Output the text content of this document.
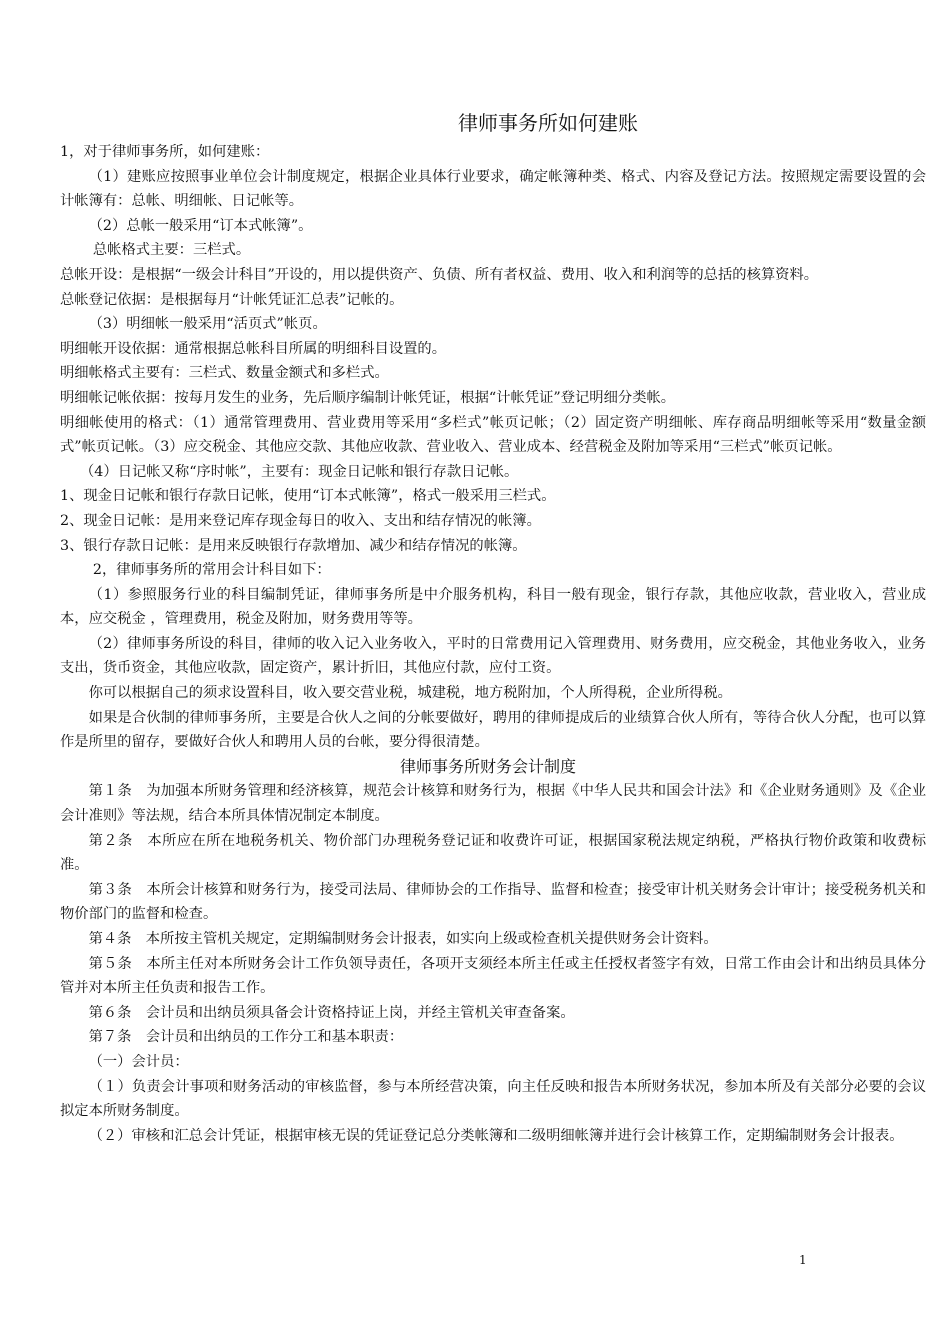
律师事务所如何建账

1，对于律师事务所，如何建账：

（1）建账应按照事业单位会计制度规定，根据企业具体行业要求，确定帐簿种类、格式、内容及登记方法。按照规定需要设置的会计帐簿有：总帐、明细帐、日记帐等。

（2）总帐一般采用“订本式帐簿”。

总帐格式主要：三栏式。

总帐开设：是根据“一级会计科目”开设的，用以提供资产、负债、所有者权益、费用、收入和利润等的总括的核算资料。

总帐登记依据：是根据每月“计帐凭证汇总表”记帐的。

（3）明细帐一般采用“活页式”帐页。

明细帐开设依据：通常根据总帐科目所属的明细科目设置的。

明细帐格式主要有：三栏式、数量金额式和多栏式。

明细帐记帐依据：按每月发生的业务，先后顺序编制计帐凭证，根据“计帐凭证”登记明细分类帐。

明细帐使用的格式：（1）通常管理费用、营业费用等采用“多栏式”帐页记帐；（2）固定资产明细帐、库存商品明细帐等采用“数量金额式”帐页记帐。（3）应交税金、其他应交款、其他应收款、营业收入、营业成本、经营税金及附加等采用“三栏式”帐页记帐。

（4）日记帐又称“序时帐”，主要有：现金日记帐和银行存款日记帐。

1、现金日记帐和银行存款日记帐，使用“订本式帐簿”，格式一般采用三栏式。

2、现金日记帐：是用来登记库存现金每日的收入、支出和结存情况的帐簿。

3、银行存款日记帐：是用来反映银行存款增加、减少和结存情况的帐簿。

2，律师事务所的常用会计科目如下：

（1）参照服务行业的科目编制凭证，律师事务所是中介服务机构，科目一般有现金，银行存款，其他应收款，营业收入，营业成本，应交税金 ，管理费用，税金及附加，财务费用等等。

（2）律师事务所设的科目，律师的收入记入业务收入，平时的日常费用记入管理费用、财务费用，应交税金，其他业务收入，业务支出，货币资金，其他应收款，固定资产，累计折旧，其他应付款，应付工资。

你可以根据自己的须求设置科目，收入要交营业税，城建税，地方税附加，个人所得税，企业所得税。

如果是合伙制的律师事务所，主要是合伙人之间的分帐要做好，聘用的律师提成后的业绩算合伙人所有，等待合伙人分配，也可以算作是所里的留存，要做好合伙人和聘用人员的台帐，要分得很清楚。

律师事务所财务会计制度

第１条　为加强本所财务管理和经济核算，规范会计核算和财务行为，根据《中华人民共和国会计法》和《企业财务通则》及《企业会计准则》等法规，结合本所具体情况制定本制度。

第２条　本所应在所在地税务机关、物价部门办理税务登记证和收费许可证，根据国家税法规定纳税，严格执行物价政策和收费标准。

第３条　本所会计核算和财务行为，接受司法局、律师协会的工作指导、监督和检查；接受审计机关财务会计审计；接受税务机关和物价部门的监督和检查。

第４条　本所按主管机关规定，定期编制财务会计报表，如实向上级或检查机关提供财务会计资料。

第５条　本所主任对本所财务会计工作负领导责任，各项开支须经本所主任或主任授权者签字有效，日常工作由会计和出纳员具体分管并对本所主任负责和报告工作。

第６条　会计员和出纳员须具备会计资格持证上岗，并经主管机关审查备案。

第７条　会计员和出纳员的工作分工和基本职责：

（一）会计员：

（１）负责会计事项和财务活动的审核监督，参与本所经营决策，向主任反映和报告本所财务状况，参加本所及有关部分必要的会议拟定本所财务制度。

（２）审核和汇总会计凭证，根据审核无误的凭证登记总分类帐簿和二级明细帐簿并进行会计核算工作，定期编制财务会计报表。

1
